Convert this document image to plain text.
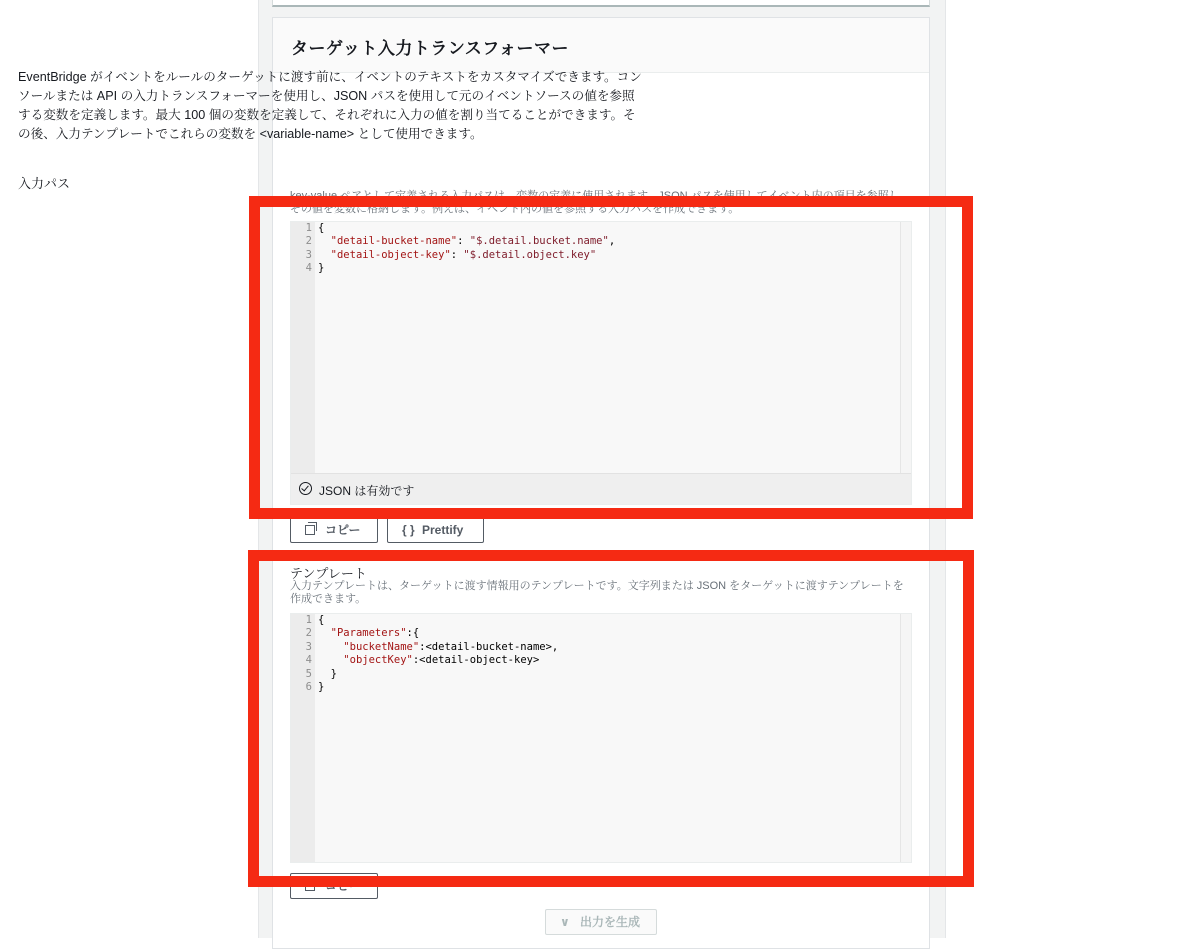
ターゲット入力トランスフォーマー
EventBridge がイベントをルールのターゲットに渡す前に、イベントのテキストをカスタマイズできます。コンソールまたは API の入力トランスフォーマーを使用し、JSON パスを使用して元のイベントソースの値を参照する変数を定義します。最大 100 個の変数を定義して、それぞれに入力の値を割り当てることができます。その後、入力テンプレートでこれらの変数を <variable-name> として使用できます。
入力パス
key-value ペアとして定義される入力パスは、変数の定義に使用されます。JSON パスを使用してイベント内の項目を参照し、その値を変数に格納します。例えば、イベント内の値を参照する入力パスを作成できます。
1
2
3
4
{
"detail-bucket-name": "$.detail.bucket.name",
"detail-object-key": "$.detail.object.key"
}
JSON は有効です
コピー	{ } Prettify
テンプレート
入力テンプレートは、ターゲットに渡す情報用のテンプレートです。文字列または JSON をターゲットに渡すテンプレートを作成できます。
1
2
3
4
5
6
{
"Parameters":{
"bucketName":<detail-bucket-name>,
"objectKey":<detail-object-key>
}
}
コピー
∨ 出力を生成
